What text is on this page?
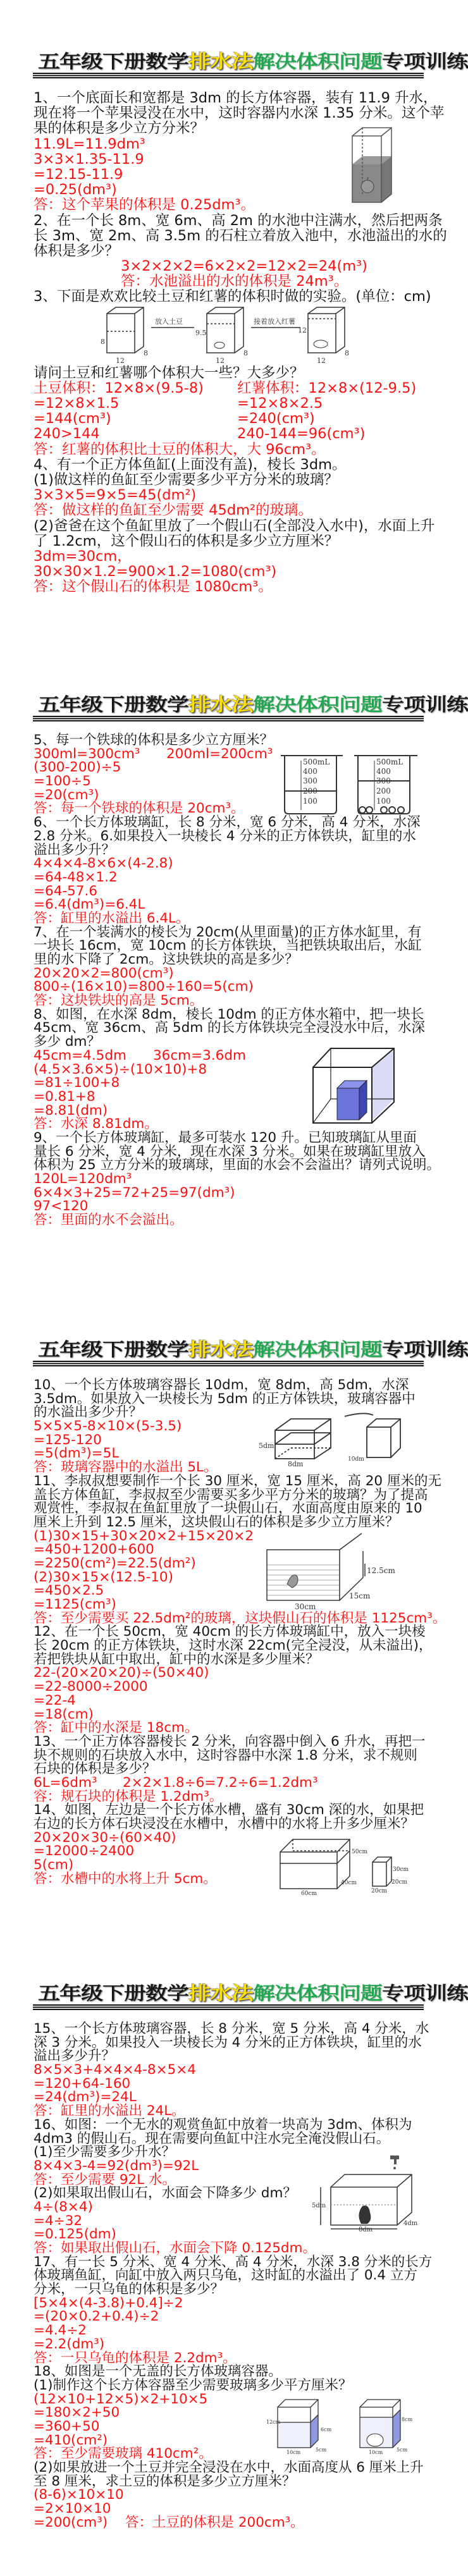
五年级下册数学排水法解决体积问题专项训练
1、一个底面长和宽都是 3dm 的长方体容器，装有 11.9 升水，
现在将一个苹果浸没在水中，这时容器内水深 1.35 分米。这个苹
果的体积是多少立方分米？
11.9L=11.9dm³
3×3×1.35-11.9
=12.15-11.9
=0.25(dm³)
答：这个苹果的体积是 0.25dm³。
2、在一个长 8m、宽 6m、高 2m 的水池中注满水，然后把两条
长 3m、宽 2m、高 3.5m 的石柱立着放入池中，水池溢出的水的
体积是多少？
3×2×2×2=6×2×2=12×2=24(m³)
答：水池溢出的水的体积是 24m³。
3、下面是欢欢比较土豆和红薯的体积时做的实验。(单位：cm)
放入土豆	接着放入红薯
8
9.5	12
12	12	12
8	8	8
请问土豆和红薯哪个体积大一些？大多少？
土豆体积：12×8×(9.5-8) 红薯体积：12×8×(12-9.5)
=12×8×1.5	=12×8×2.5
=144(cm³)	=240(cm³)
240>144	240-144=96(cm³)
答：红薯的体积比土豆的体积大，大 96cm³。
4、有一个正方体鱼缸(上面没有盖)，棱长 3dm。
(1)做这样的鱼缸至少需要多少平方分米的玻璃？
3×3×5=9×5=45(dm²)
答：做这样的鱼缸至少需要 45dm²的玻璃。
(2)爸爸在这个鱼缸里放了一个假山石(全部没入水中)，水面上升
了 1.2cm，这个假山石的体积是多少立方厘米？
3dm=30cm，
30×30×1.2=900×1.2=1080(cm³)
答：这个假山石的体积是 1080cm³。
五年级下册数学排水法解决体积问题专项训练
5、每一个铁球的体积是多少立方厘米？
300ml=300cm³ 200ml=200cm³
(300-200)÷5
=100÷5
=20(cm³)
答：每一个铁球的体积是 20cm³。
6、一个长方体玻璃缸，长 8 分米，宽 6 分米，高 4 分米，水深
2.8 分米。6.如果投入一块棱长 4 分米的正方体铁块，缸里的水
溢出多少升？
4×4×4-8×6×(4-2.8)
=64-48×1.2
=64-57.6
=6.4(dm³)=6.4L
答：缸里的水溢出 6.4L。
7、在一个装满水的棱长为 20cm(从里面量)的正方体水缸里，有
一块长 16cm，宽 10cm 的长方体铁块，当把铁块取出后，水缸
里的水下降了 2cm。这块铁块的高是多少？
20×20×2=800(cm³)
800÷(16×10)=800÷160=5(cm)
答：这块铁块的高是 5cm。
8、如图，在水深 8dm，棱长 10dm 的正方体水箱中，把一块长
45cm、宽 36cm、高 5dm 的长方体铁块完全浸没水中后，水深
多少 dm？
45cm=4.5dm 36cm=3.6dm
(4.5×3.6×5)÷(10×10)+8
=81÷100+8
=0.81+8
=8.81(dm)
答：水深 8.81dm。
9、一个长方体玻璃缸，最多可装水 120 升。已知玻璃缸从里面
量长 6 分米，宽 4 分米，现在水深 3 分米。如果在玻璃缸里放入
体积为 25 立方分米的玻璃球，里面的水会不会溢出？请列式说明。
120L=120dm³
6×4×3+25=72+25=97(dm³)
97<120
答：里面的水不会溢出。
500mL
400
300
200
100
500mL
400
300
200
100
五年级下册数学排水法解决体积问题专项训练
10、一个长方体玻璃容器长 10dm，宽 8dm，高 5dm，水深
3.5dm。如果放入一块棱长为 5dm 的正方体铁块，玻璃容器中
的水溢出多少升？
5×5×5-8×10×(5-3.5)
=125-120
=5(dm³)=5L
答：玻璃容器中的水溢出 5L。
11、李叔叔想要制作一个长 30 厘米，宽 15 厘米，高 20 厘米的无
盖长方体鱼缸，李叔叔至少需要买多少平方分米的玻璃？为了提高
观赏性，李叔叔在鱼缸里放了一块假山石，水面高度由原来的 10
厘米上升到 12.5 厘米，这块假山石的体积是多少立方厘米？
(1)30×15+30×20×2+15×20×2
=450+1200+600
=2250(cm²)=22.5(dm²)
(2)30×15×(12.5-10)
=450×2.5
=1125(cm³)
答：至少需要买 22.5dm²的玻璃，这块假山石的体积是 1125cm³。
12、在一个长 50cm，宽 40cm 的长方体玻璃缸中，放入一块棱
长 20cm 的正方体铁块，这时水深 22cm(完全浸没，从未溢出)，
若把铁块从缸中取出，缸中的水深是多少厘米？
22-(20×20×20)÷(50×40)
=22-8000÷2000
=22-4
=18(cm)
答：缸中的水深是 18cm。
13、一个正方体容器棱长 2 分米，向容器中倒入 6 升水，再把一
块不规则的石块放入水中，这时容器中水深 1.8 分米，求不规则
石块的体积是多少？
6L=6dm³ 2×2×1.8÷6=7.2÷6=1.2dm³
容：规石块的体积是 1.2dm³。
14、如图，左边是一个长方体水槽，盛有 30cm 深的水，如果把
右边的长方体石块浸没在水槽中，水槽中的水将上升多少厘米？
20×20×30÷(60×40)
=12000÷2400
5(cm)
答：水槽中的水将上升 5cm。
5dm
8dm
10dm
12.5cm
15cm
30cm
50cm
40cm
60cm
30cm
20cm
20cm
五年级下册数学排水法解决体积问题专项训练
15、一个长方体玻璃容器，长 8 分米，宽 5 分米，高 4 分米，水
深 3 分米。如果投入一块棱长为 4 分米的正方体铁块，缸里的水
溢出多少升？
8×5×3+4×4×4-8×5×4
=120+64-160
=24(dm³)=24L
答：缸里的水溢出 24L。
16、如图：一个无水的观赏鱼缸中放着一块高为 3dm、体积为
4dm3 的假山石。现在需要向鱼缸中注水完全淹没假山石。
(1)至少需要多少升水？
8×4×3-4=92(dm³)=92L
答：至少需要 92L 水。
(2)如果取出假山石，水面会下降多少 dm？
4÷(8×4)
=4÷32
=0.125(dm)
答：如果取出假山石，水面会下降 0.125dm。
17、有一长 5 分米、宽 4 分米、高 4 分米，水深 3.8 分米的长方
体玻璃鱼缸，向缸中放入两只乌龟，这时缸的水溢出了 0.4 立方
分米，一只乌龟的体积是多少？
[5×4×(4-3.8)+0.4]÷2
=(20×0.2+0.4)÷2
=4.4÷2
=2.2(dm³)
答：一只乌龟的体积是 2.2dm³。
18、如图是一个无盖的长方体玻璃容器。
(1)制作这个长方体容器至少需要玻璃多少平方厘米？
(12×10+12×5)×2+10×5
=180×2+50
=360+50
=410(cm²)
答：至少需要玻璃 410cm²。
(2)如果放进一个土豆并完全浸没在水中，水面高度从 6 厘米上升
至 8 厘米，求土豆的体积是多少立方厘米？
(8-6)×10×10
=2×10×10
=200(cm³) 答：土豆的体积是 200cm³。
5dm
8dm
4dm
12cm
6cm
10cm	5cm
8cm
10cm	5cm
